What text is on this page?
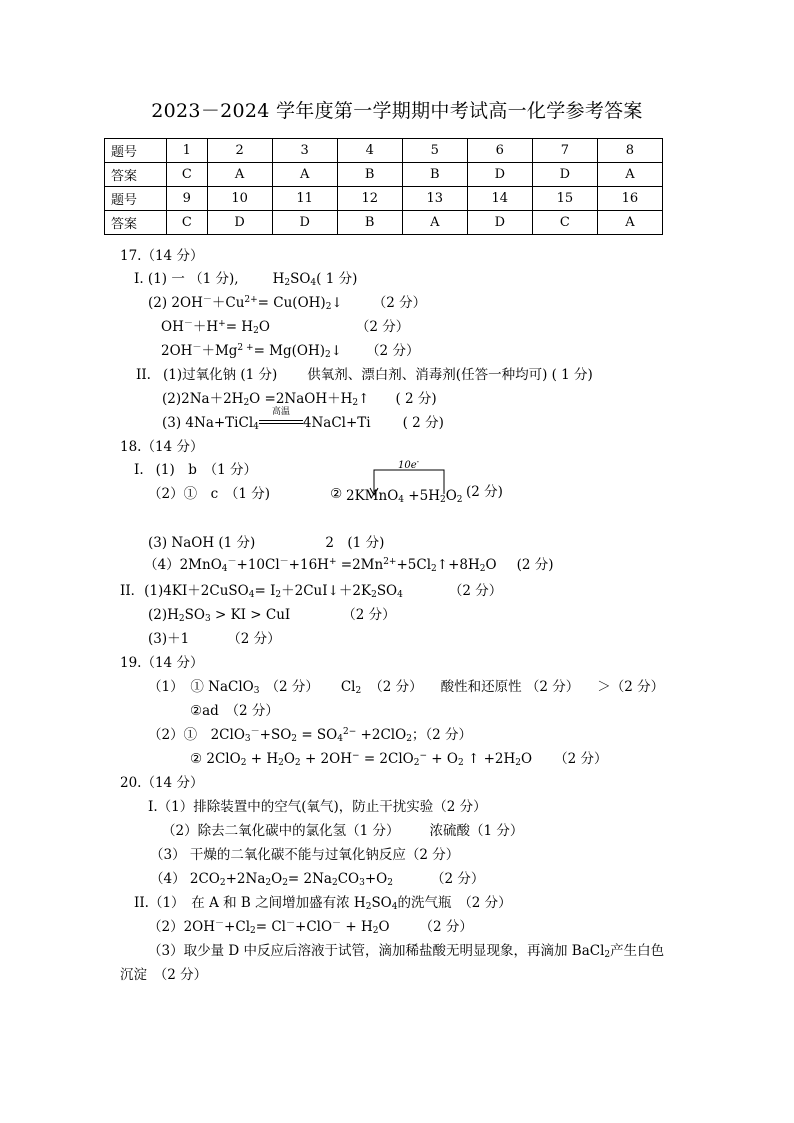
2023－2024 学年度第一学期期中考试高一化学参考答案
题号	1	2	3	4	5	6	7	8
答案	C	A	A	B	B	D	D	A
题号	9	10	11	12	13	14	15	16
答案	C	D	D	B	A	D	C	A
17.（14 分）
I. (1) 一 （1 分),	$H_2SO_4$( 1 分)
(2) $2OH^-+Cu^{2+}=$ $Cu(OH)_2↓$ （2 分）
$OH^-+H^+= H_2O$	（2 分）
$2OH^-+Mg^{2 +}=$ $Mg(OH)_2↓$ （2 分）
II. (1)过氧化钠 (1 分) 供氧剂、漂白剂、消毒剂(任答一种均可) ( 1 分)
$(2)2Na+2H_2O$ $=2NaOH+H_2↑$ ( 2 分)
(3) 4Na+TiCl$_4$
高温
4NaCl+Ti ( 2 分)
18.（14 分）
I. (1)　b　（1 分）
（2）①　c　（1 分)	②
10e-
2KMnO$_4$ $+5H_2O_2$ (2 分)
(3) NaOH (1 分)	2　(1 分)
$(4)2MnO_4^-+10Cl^-+16H^+ =2Mn^{2+}+5Cl_2↑+8H_2O$ (2 分)
II．(1)4KI＋2CuSO$_4$= $I_2+2CuI↓+2K_2SO_4$	（2 分）
$(2)H_2SO_3$ > KI > CuI	（2 分）
(3)＋1	（2 分）
19.（14 分）
（1）　① NaClO$_3$ （2 分） $Cl_2$ （2 分） 酸性和还原性 （2 分） ＞（2 分）
②ad　（2 分）
（2）①　$2ClO_3^-+SO_2 = SO_4^{2-} +2ClO_2$；（2 分）
② $2ClO_2 + H_2O_2 + 2OH^- = 2ClO_2^- + O_2$ ↑ $+2H_2O$ （2 分）
20.（14 分）
I.（1）排除装置中的空气(氧气)，防止干扰实验（2 分）
（2）除去二氧化碳中的氯化氢（1 分） 浓硫酸（1 分）
（3） 干燥的二氧化碳不能与过氧化钠反应（2 分）
（4） $2CO_2+2Na_2O_2= 2Na_2CO_3+O_2$	（2 分）
II.（1）　在 A 和 B 之间增加盛有浓 $H_2SO_4$的洗气瓶　（2 分）
$(2)2OH^-+Cl_2= Cl^-+ClO^- + H_2O$ （2 分）
（3）取少量 D 中反应后溶液于试管，滴加稀盐酸无明显现象，再滴加 BaCl$_2$产生白色
沉淀　（2 分）
